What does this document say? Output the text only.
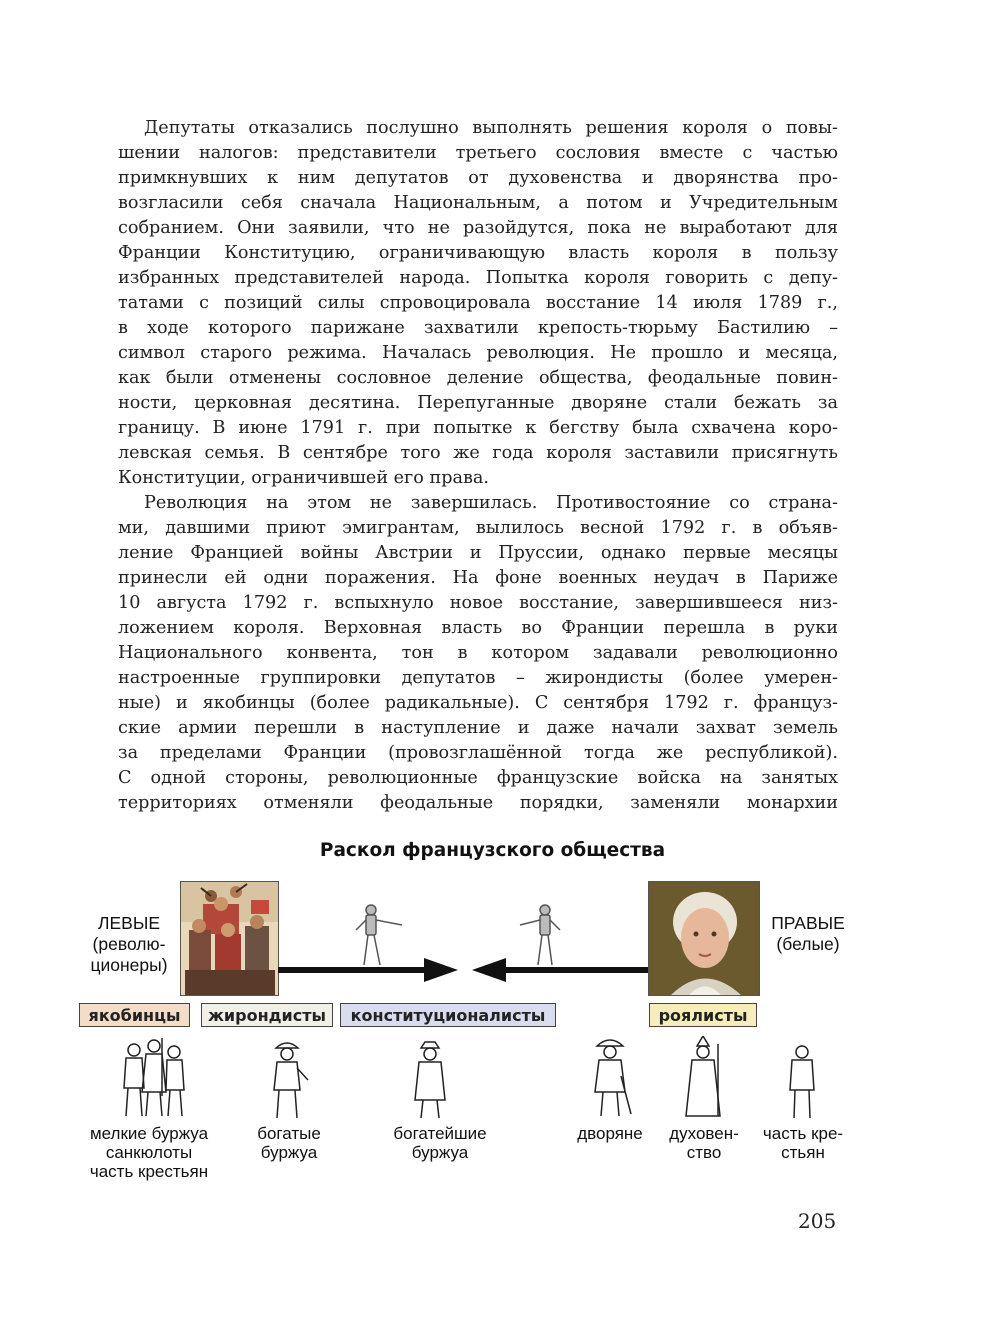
Депутаты отказались послушно выполнять решения короля о повы-
шении налогов: представители третьего сословия вместе с частью
примкнувших к ним депутатов от духовенства и дворянства про-
возгласили себя сначала Национальным, а потом и Учредительным
собранием. Они заявили, что не разойдутся, пока не выработают для
Франции Конституцию, ограничивающую власть короля в пользу
избранных представителей народа. Попытка короля говорить с депу-
татами с позиций силы спровоцировала восстание 14 июля 1789 г.,
в ходе которого парижане захватили крепость-тюрьму Бастилию –
символ старого режима. Началась революция. Не прошло и месяца,
как были отменены сословное деление общества, феодальные повин-
ности, церковная десятина. Перепуганные дворяне стали бежать за
границу. В июне 1791 г. при попытке к бегству была схвачена коро-
левская семья. В сентябре того же года короля заставили присягнуть
Конституции, ограничившей его права.
Революция на этом не завершилась. Противостояние со страна-
ми, давшими приют эмигрантам, вылилось весной 1792 г. в объяв-
ление Францией войны Австрии и Пруссии, однако первые месяцы
принесли ей одни поражения. На фоне военных неудач в Париже
10 августа 1792 г. вспыхнуло новое восстание, завершившееся низ-
ложением короля. Верховная власть во Франции перешла в руки
Национального конвента, тон в котором задавали революционно
настроенные группировки депутатов – жирондисты (более умерен-
ные) и якобинцы (более радикальные). С сентября 1792 г. француз-
ские армии перешли в наступление и даже начали захват земель
за пределами Франции (провозглашённой тогда же республикой).
С одной стороны, революционные французские войска на занятых
территориях отменяли феодальные порядки, заменяли монархии
Раскол французского общества
ЛЕВЫЕ
(револю-
ционеры)
ПРАВЫЕ
(белые)
якобинцы	жирондисты	конституционалисты	роялисты
мелкие буржуа
санкюлоты
часть крестьян
богатые
буржуа
богатейшие
буржуа
дворяне	духовен-
ство
часть кре-
стьян
205
